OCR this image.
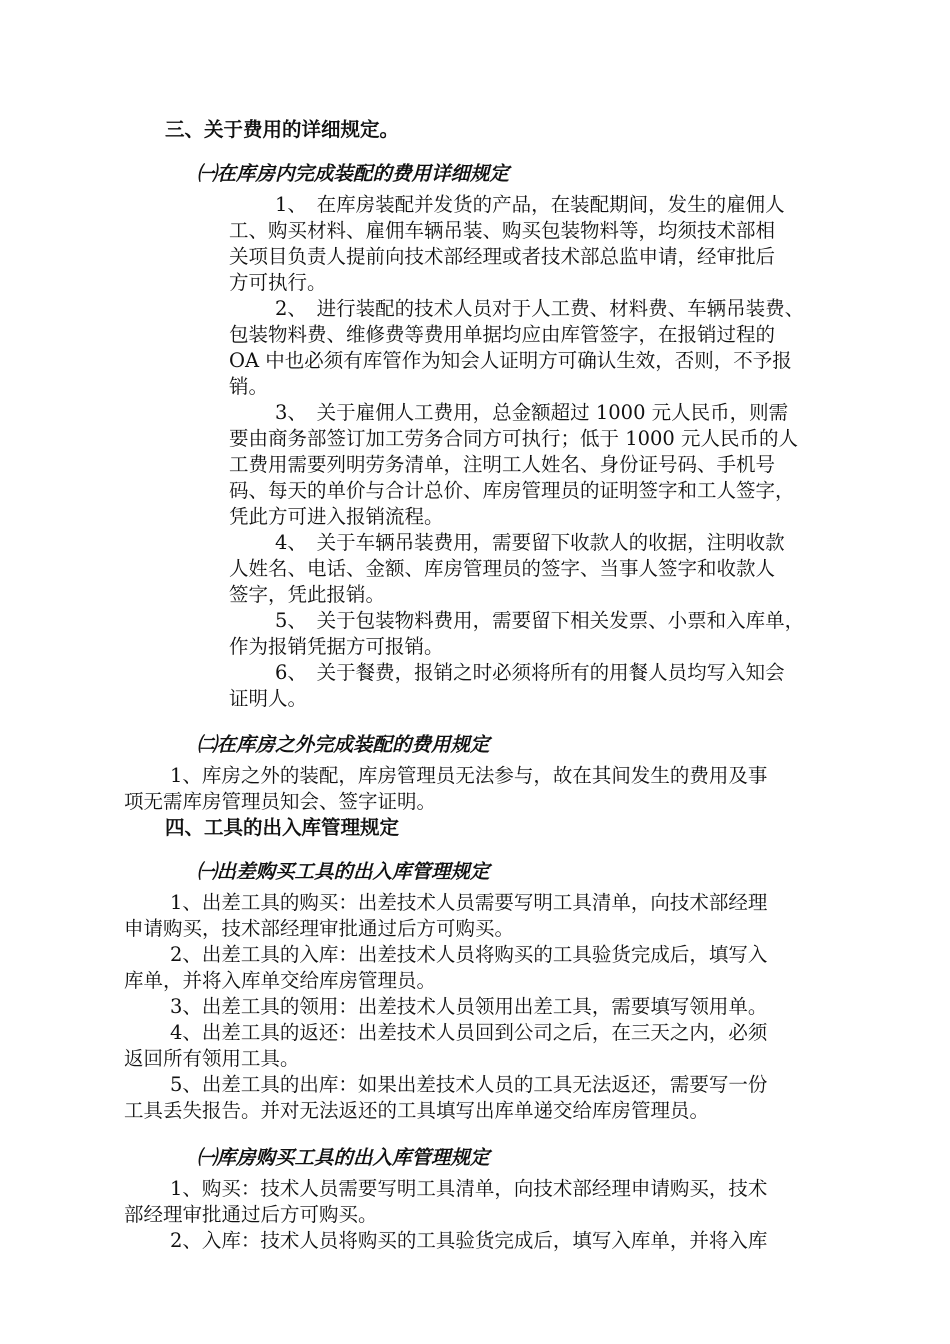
三、关于费用的详细规定。
㈠在库房内完成装配的费用详细规定
1、　在库房装配并发货的产品，在装配期间，发生的雇佣人
工、购买材料、雇佣车辆吊装、购买包装物料等，均须技术部相
关项目负责人提前向技术部经理或者技术部总监申请，经审批后
方可执行。
2、　进行装配的技术人员对于人工费、材料费、车辆吊装费、
包装物料费、维修费等费用单据均应由库管签字，在报销过程的
OA 中也必须有库管作为知会人证明方可确认生效，否则，不予报
销。
3、　关于雇佣人工费用，总金额超过 1000 元人民币，则需
要由商务部签订加工劳务合同方可执行；低于 1000 元人民币的人
工费用需要列明劳务清单，注明工人姓名、身份证号码、手机号
码、每天的单价与合计总价、库房管理员的证明签字和工人签字，
凭此方可进入报销流程。
4、　关于车辆吊装费用，需要留下收款人的收据，注明收款
人姓名、电话、金额、库房管理员的签字、当事人签字和收款人
签字，凭此报销。
5、　关于包装物料费用，需要留下相关发票、小票和入库单，
作为报销凭据方可报销。
6、　关于餐费，报销之时必须将所有的用餐人员均写入知会
证明人。
㈡在库房之外完成装配的费用规定
1、库房之外的装配，库房管理员无法参与，故在其间发生的费用及事
项无需库房管理员知会、签字证明。
四、工具的出入库管理规定
㈠出差购买工具的出入库管理规定
1、出差工具的购买：出差技术人员需要写明工具清单，向技术部经理
申请购买，技术部经理审批通过后方可购买。
2、出差工具的入库：出差技术人员将购买的工具验货完成后，填写入
库单，并将入库单交给库房管理员。
3、出差工具的领用：出差技术人员领用出差工具，需要填写领用单。
4、出差工具的返还：出差技术人员回到公司之后，在三天之内，必须
返回所有领用工具。
5、出差工具的出库：如果出差技术人员的工具无法返还，需要写一份
工具丢失报告。并对无法返还的工具填写出库单递交给库房管理员。
㈠库房购买工具的出入库管理规定
1、购买：技术人员需要写明工具清单，向技术部经理申请购买，技术
部经理审批通过后方可购买。
2、入库：技术人员将购买的工具验货完成后，填写入库单，并将入库
